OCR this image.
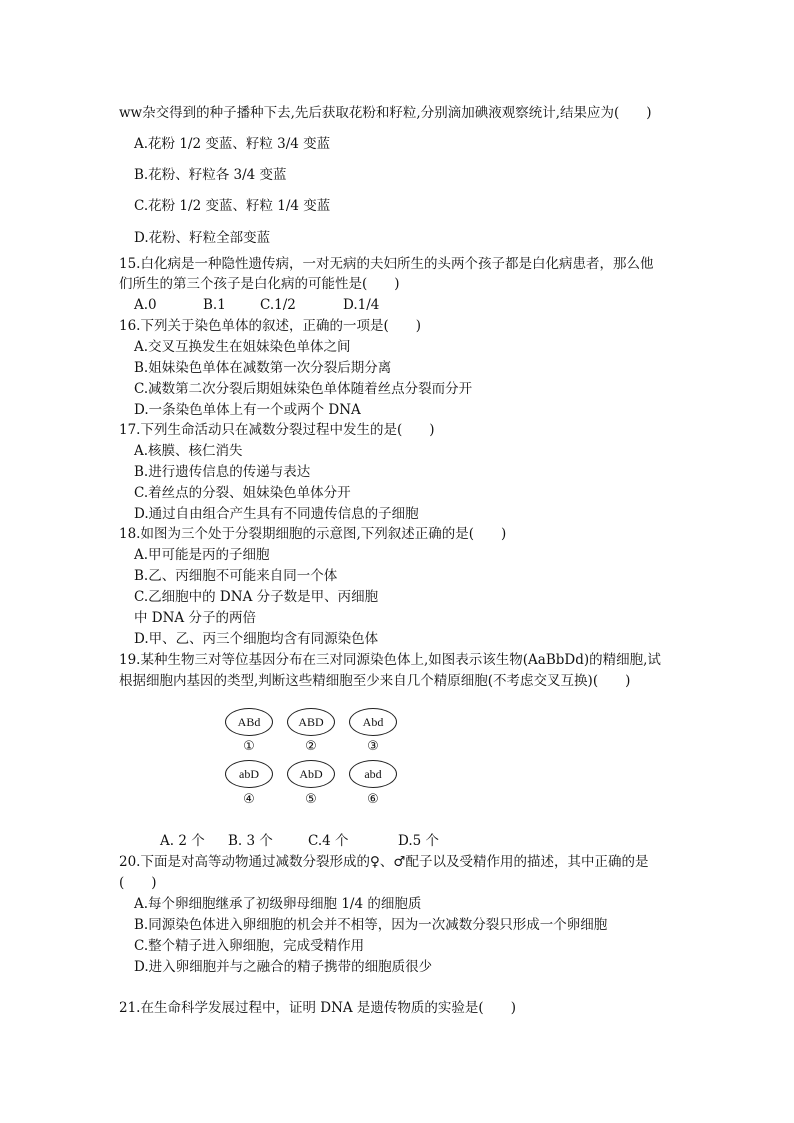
ww杂交得到的种子播种下去,先后获取花粉和籽粒,分别滴加碘液观察统计,结果应为(　　)
A.花粉 1/2 变蓝、籽粒 3/4 变蓝
B.花粉、籽粒各 3/4 变蓝
C.花粉 1/2 变蓝、籽粒 1/4 变蓝
D.花粉、籽粒全部变蓝
15.白化病是一种隐性遗传病，一对无病的夫妇所生的头两个孩子都是白化病患者，那么他
们所生的第三个孩子是白化病的可能性是(　　)
A.0	B.1	C.1/2	D.1/4
16.下列关于染色单体的叙述，正确的一项是(　　)
A.交叉互换发生在姐妹染色单体之间
B.姐妹染色单体在减数第一次分裂后期分离
C.减数第二次分裂后期姐妹染色单体随着丝点分裂而分开
D.一条染色单体上有一个或两个 DNA
17.下列生命活动只在减数分裂过程中发生的是(　　)
A.核膜、核仁消失
B.进行遗传信息的传递与表达
C.着丝点的分裂、姐妹染色单体分开
D.通过自由组合产生具有不同遗传信息的子细胞
18.如图为三个处于分裂期细胞的示意图,下列叙述正确的是(　　)
A.甲可能是丙的子细胞
B.乙、丙细胞不可能来自同一个体
C.乙细胞中的 DNA 分子数是甲、丙细胞
中 DNA 分子的两倍
D.甲、乙、丙三个细胞均含有同源染色体
19.某种生物三对等位基因分布在三对同源染色体上,如图表示该生物(AaBbDd)的精细胞,试
根据细胞内基因的类型,判断这些精细胞至少来自几个精原细胞(不考虑交叉互换)(　　)
ABd
①
ABD
②
Abd
③
abD
④
AbD
⑤
abd
⑥
A. 2 个 B. 3 个	C.4 个	D.5 个
20.下面是对高等动物通过减数分裂形成的♀、♂配子以及受精作用的描述，其中正确的是
(　　)
A.每个卵细胞继承了初级卵母细胞 1/4 的细胞质
B.同源染色体进入卵细胞的机会并不相等，因为一次减数分裂只形成一个卵细胞
C.整个精子进入卵细胞，完成受精作用
D.进入卵细胞并与之融合的精子携带的细胞质很少
21.在生命科学发展过程中，证明 DNA 是遗传物质的实验是(　　)
